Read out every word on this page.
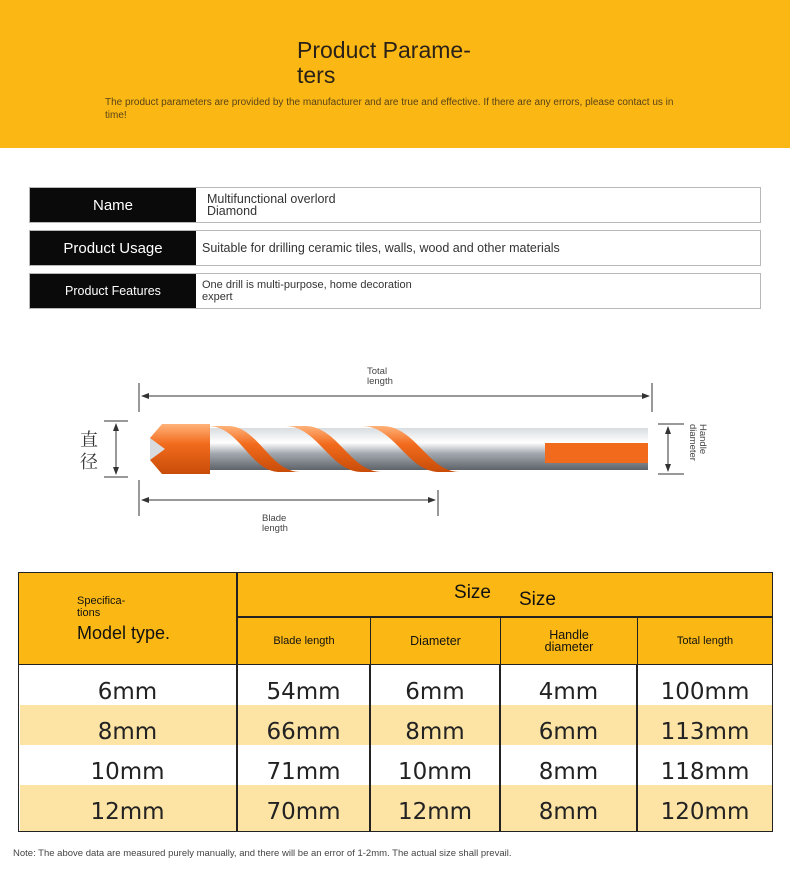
Product Parame-
ters
The product parameters are provided by the manufacturer and are true and effective. If there are any errors, please contact us in time!
Name	Multifunctional overlord Diamond
Product Usage	Suitable for drilling ceramic tiles, walls, wood and other materials
Product Features	One drill is multi-purpose, home decoration expert
Total length
直 径
Handle diameter
Blade length
Specifica- tions
Model type.
Size Size
Blade length	Diameter	Handle diameter	Total length
6mm	54mm	6mm	4mm	100mm
8mm	66mm	8mm	6mm	113mm
10mm	71mm	10mm	8mm	118mm
12mm	70mm	12mm	8mm	120mm
Note: The above data are measured purely manually, and there will be an error of 1-2mm. The actual size shall prevail.
